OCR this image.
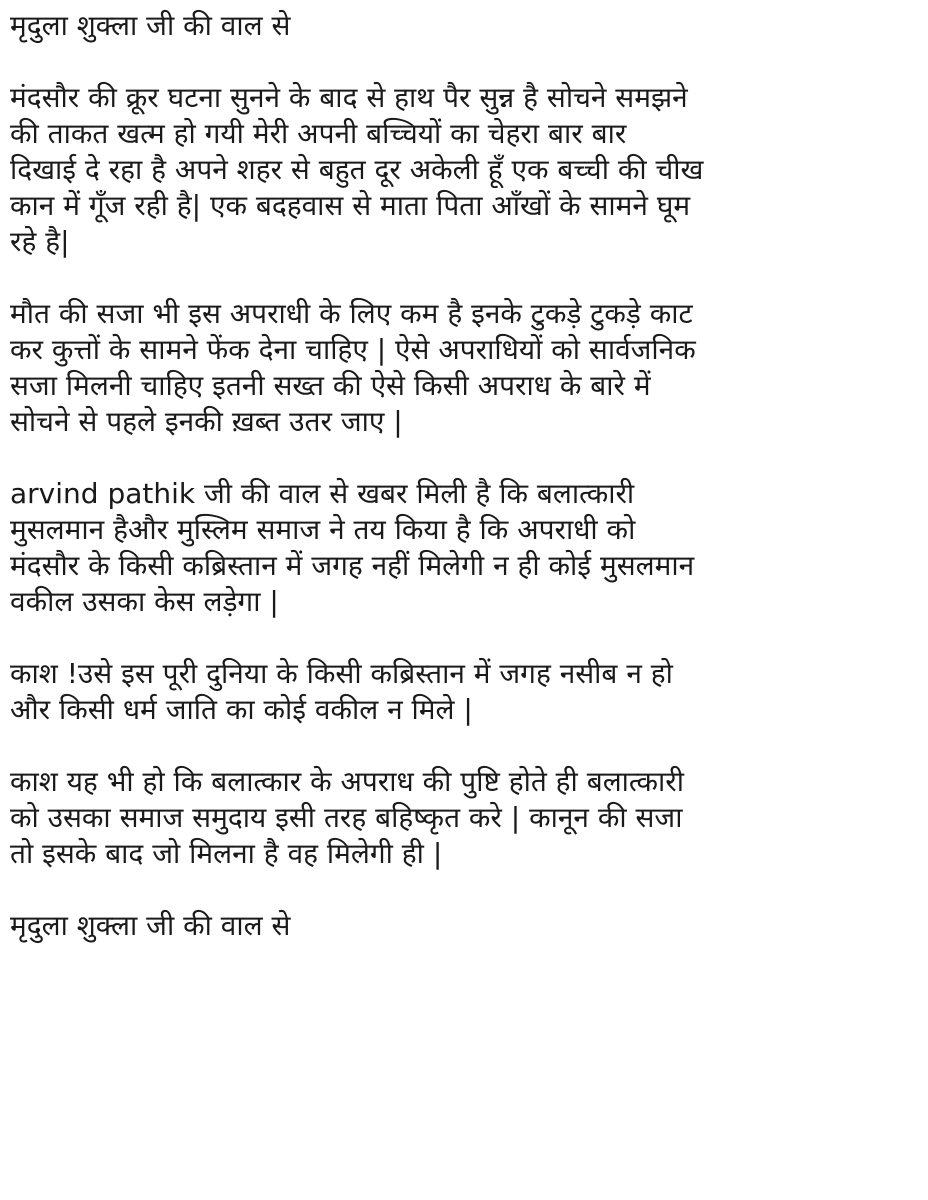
मृदुला शुक्ला जी की वाल से
मंदसौर की क्रूर घटना सुनने के बाद से हाथ पैर सुन्न है सोचने समझने
की ताकत खत्म हो गयी मेरी अपनी बच्चियों का चेहरा बार बार
दिखाई दे रहा है अपने शहर से बहुत दूर अकेली हूँ एक बच्ची की चीख
कान में गूँज रही है| एक बदहवास से माता पिता आँखों के सामने घूम
रहे है|
मौत की सजा भी इस अपराधी के लिए कम है इनके टुकड़े टुकड़े काट
कर कुत्तों के सामने फेंक देना चाहिए | ऐसे अपराधियों को सार्वजनिक
सजा मिलनी चाहिए इतनी सख्त की ऐसे किसी अपराध के बारे में
सोचने से पहले इनकी ख़ब्त उतर जाए |
arvind pathik जी की वाल से खबर मिली है कि बलात्कारी
मुसलमान हैऔर मुस्लिम समाज ने तय किया है कि अपराधी को
मंदसौर के किसी कब्रिस्तान में जगह नहीं मिलेगी न ही कोई मुसलमान
वकील उसका केस लड़ेगा |
काश !उसे इस पूरी दुनिया के किसी कब्रिस्तान में जगह नसीब न हो
और किसी धर्म जाति का कोई वकील न मिले |
काश यह भी हो कि बलात्कार के अपराध की पुष्टि होते ही बलात्कारी
को उसका समाज समुदाय इसी तरह बहिष्कृत करे | कानून की सजा
तो इसके बाद जो मिलना है वह मिलेगी ही |
मृदुला शुक्ला जी की वाल से
